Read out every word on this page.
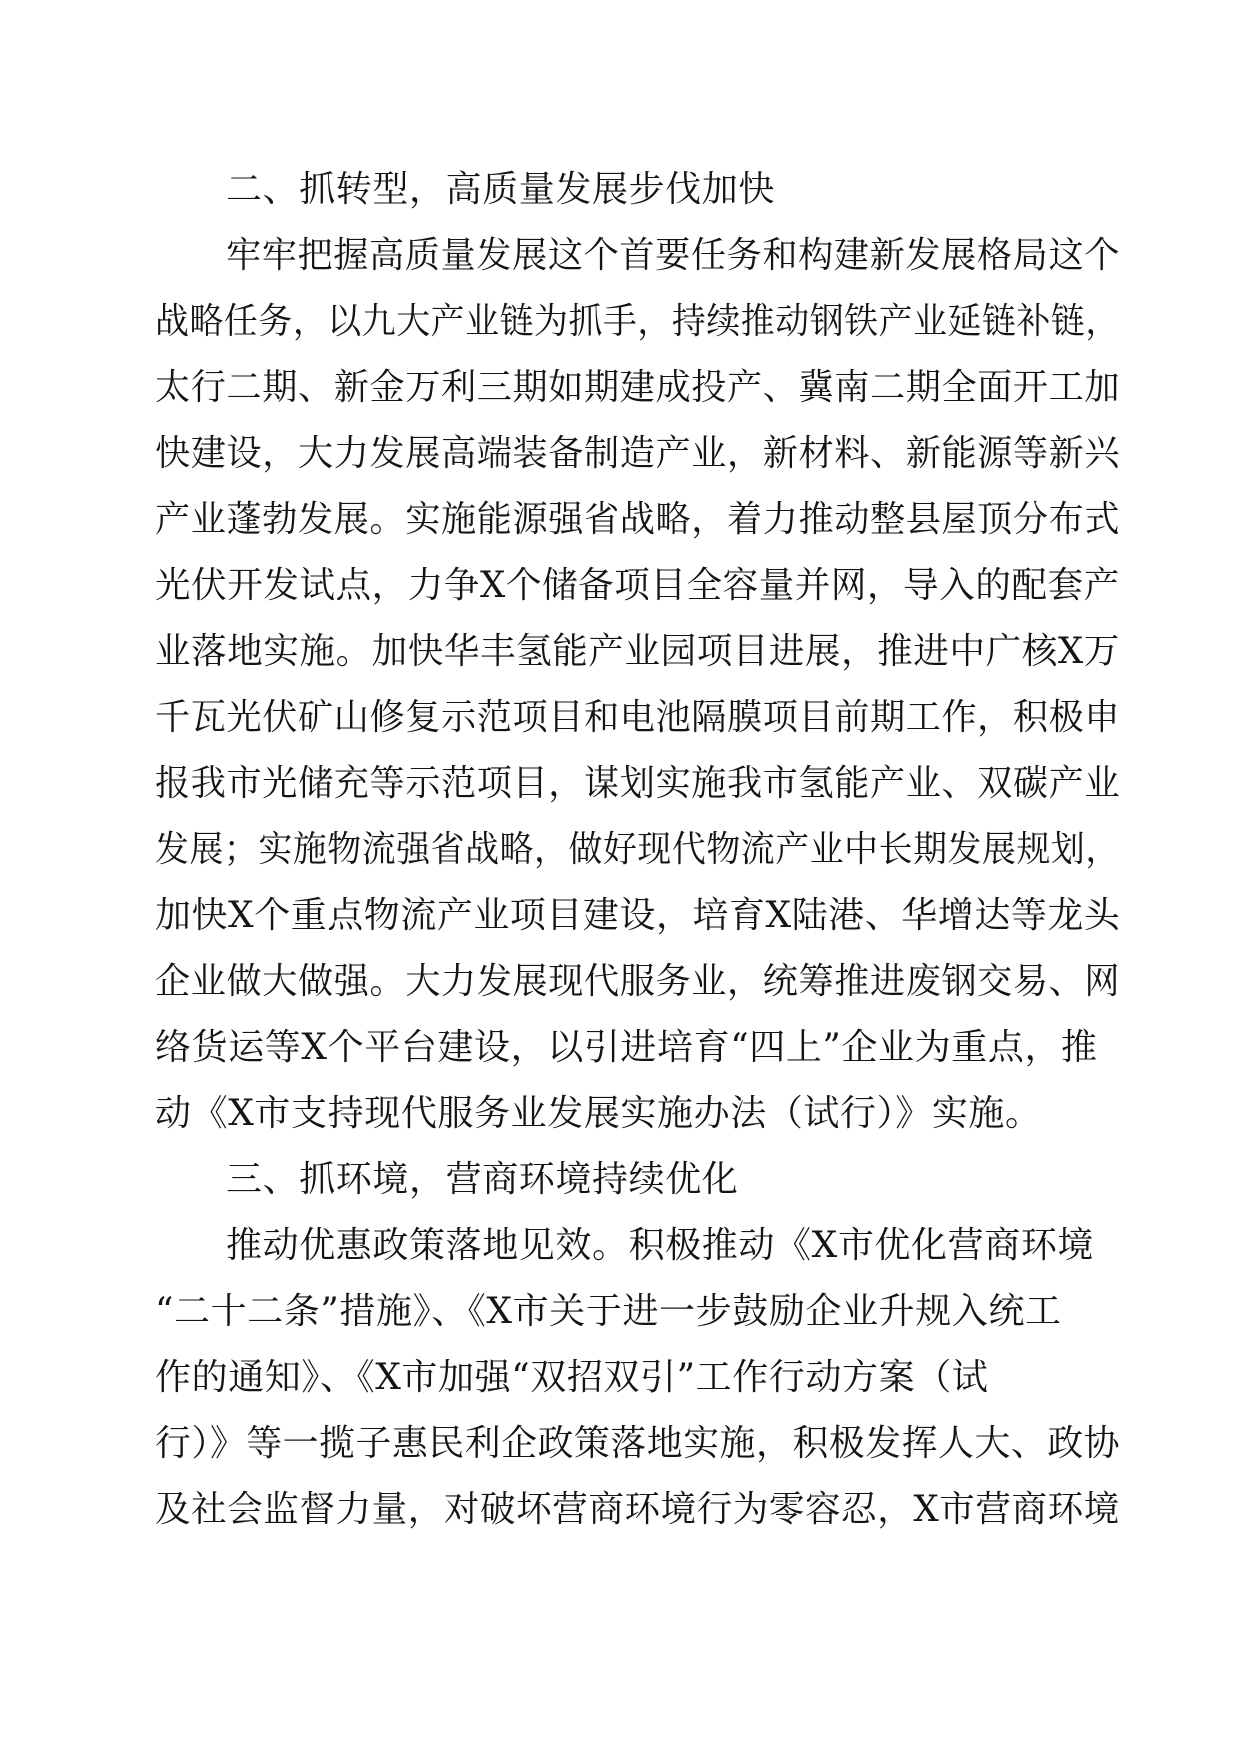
二、抓转型，高质量发展步伐加快
牢牢把握高质量发展这个首要任务和构建新发展格局这个
战略任务，以九大产业链为抓手，持续推动钢铁产业延链补链，
太行二期、新金万利三期如期建成投产、冀南二期全面开工加
快建设，大力发展高端装备制造产业，新材料、新能源等新兴
产业蓬勃发展。实施能源强省战略，着力推动整县屋顶分布式
光伏开发试点，力争X个储备项目全容量并网，导入的配套产
业落地实施。加快华丰氢能产业园项目进展，推进中广核X万
千瓦光伏矿山修复示范项目和电池隔膜项目前期工作，积极申
报我市光储充等示范项目，谋划实施我市氢能产业、双碳产业
发展；实施物流强省战略，做好现代物流产业中长期发展规划，
加快X个重点物流产业项目建设，培育X陆港、华增达等龙头
企业做大做强。大力发展现代服务业，统筹推进废钢交易、网
络货运等X个平台建设，以引进培育“四上”企业为重点，推
动《X市支持现代服务业发展实施办法（试行）》实施。
三、抓环境，营商环境持续优化
推动优惠政策落地见效。积极推动《X市优化营商环境
“二十二条”措施》、《X市关于进一步鼓励企业升规入统工
作的通知》、《X市加强“双招双引”工作行动方案（试
行）》等一揽子惠民利企政策落地实施，积极发挥人大、政协
及社会监督力量，对破坏营商环境行为零容忍，X市营商环境
